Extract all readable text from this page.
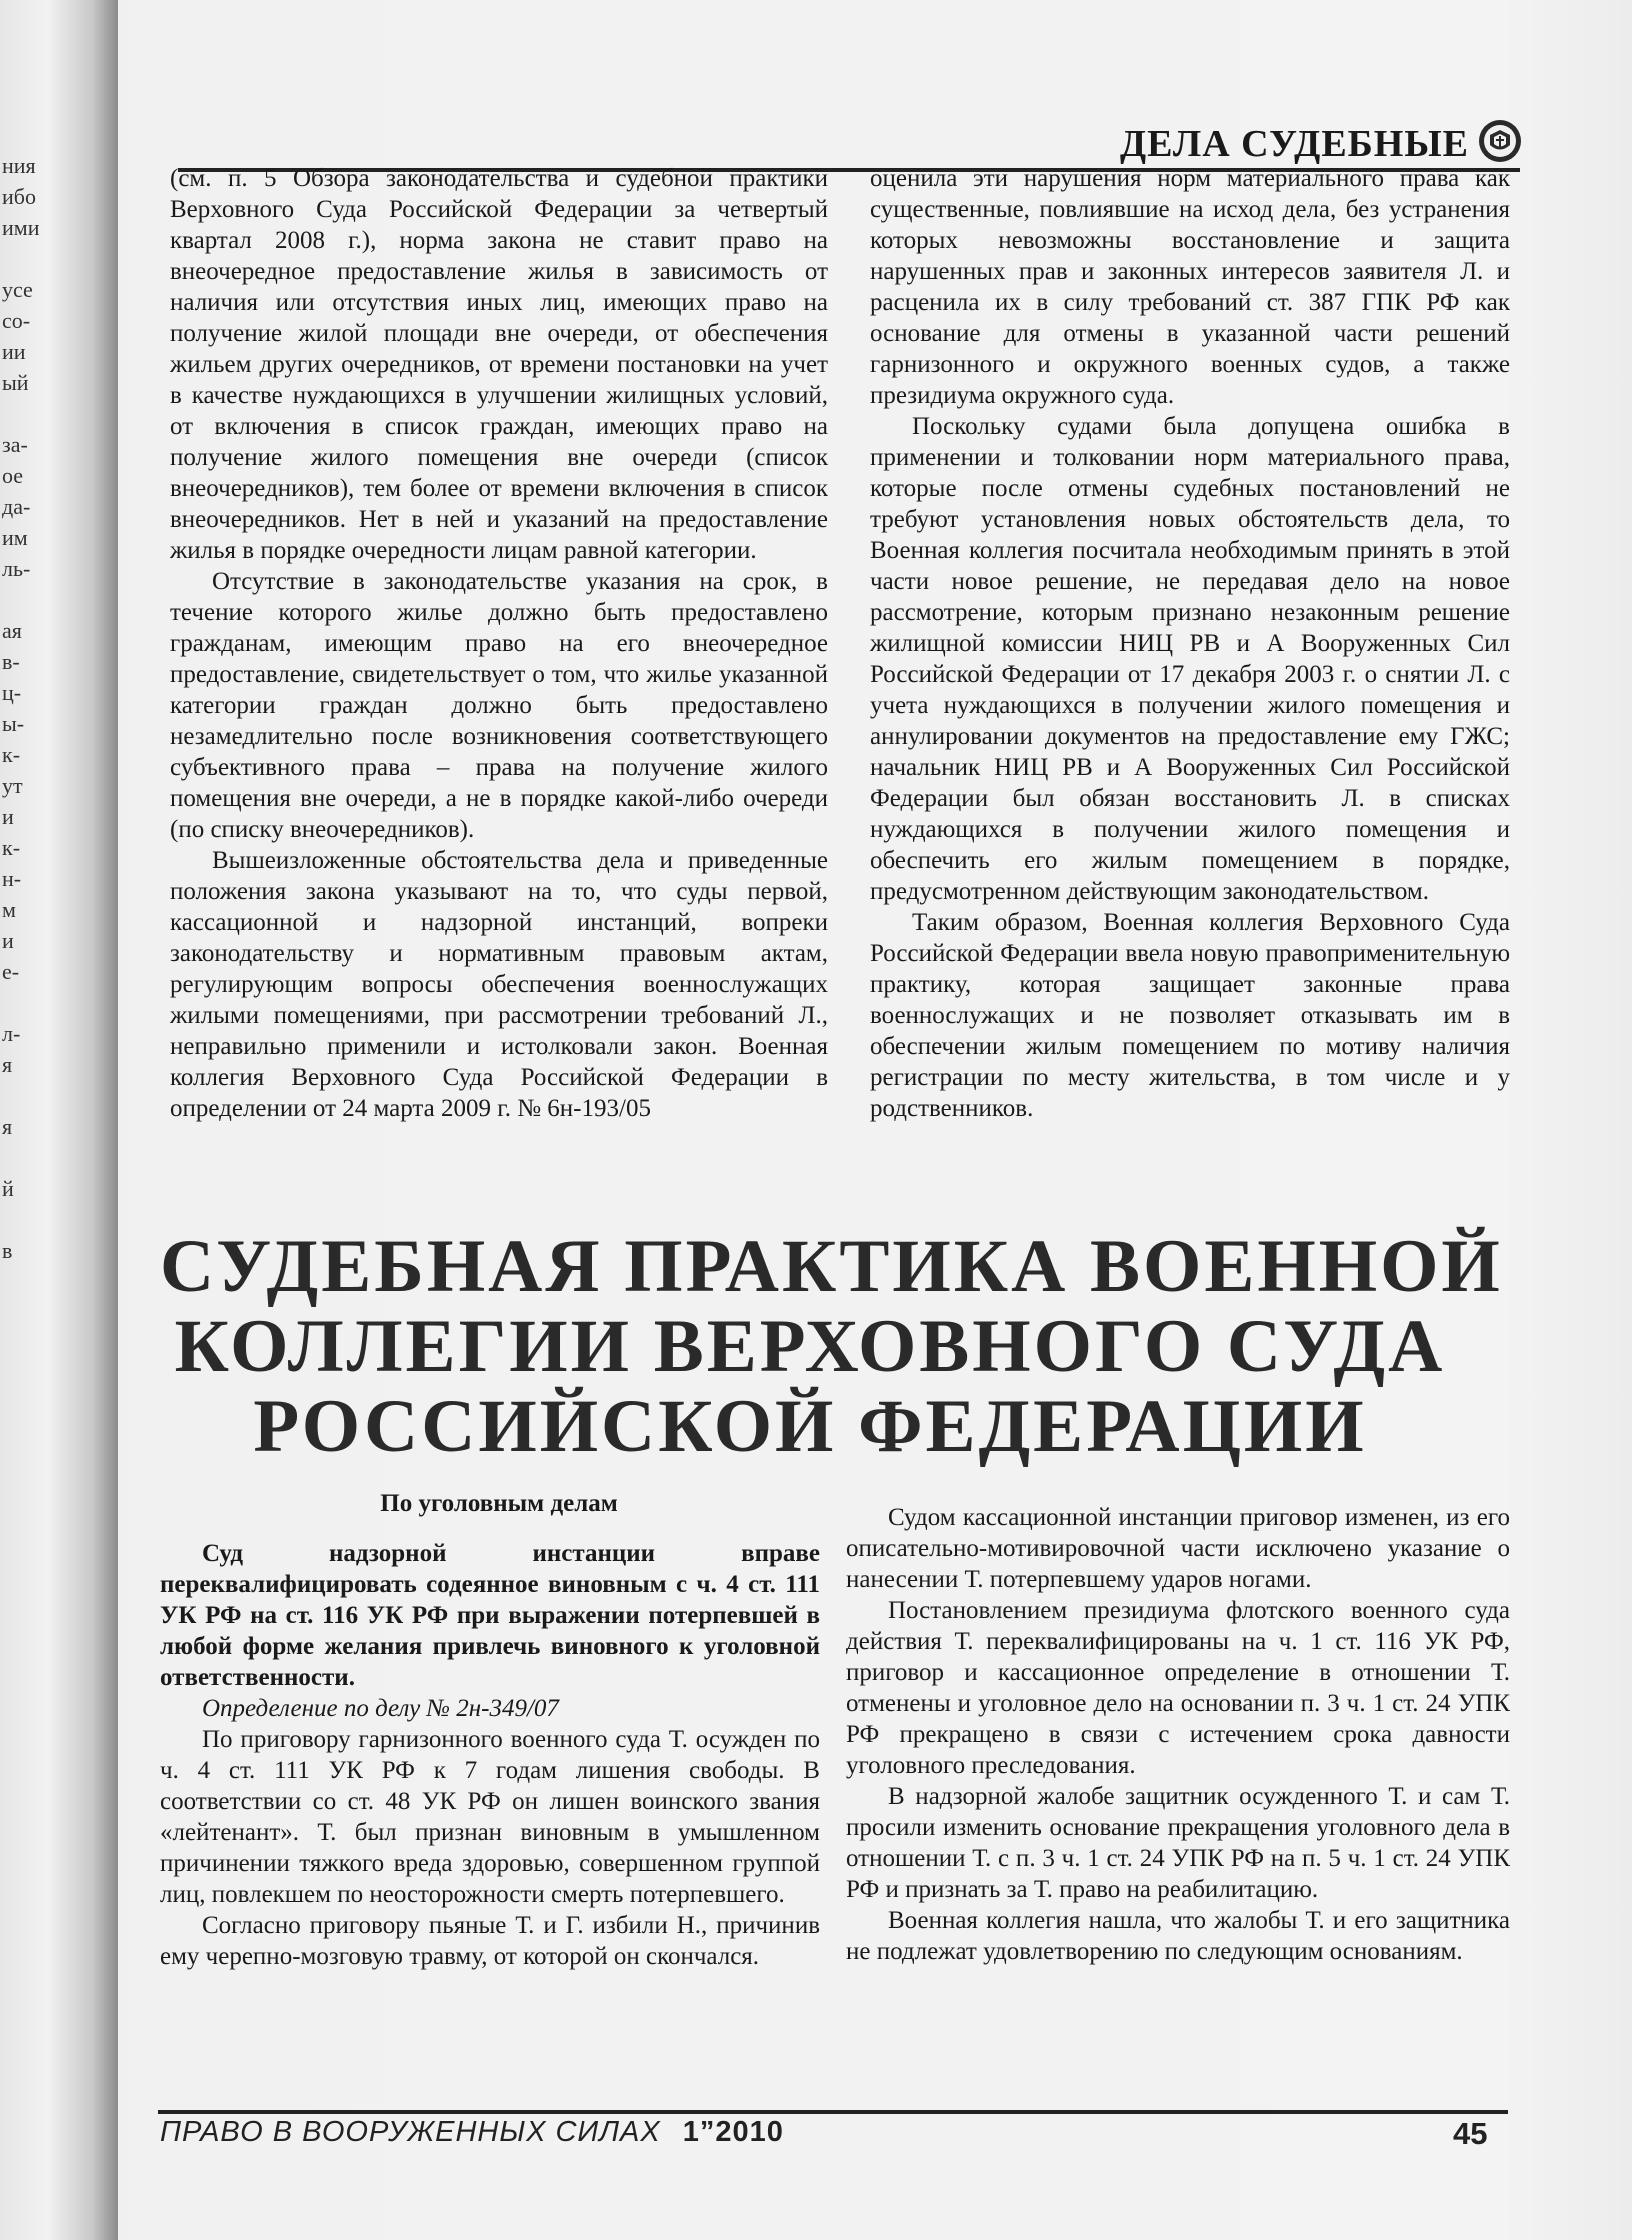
ния
ибо
ими
усе
со-
ии
ый
за-
ое
да-
им
ль-
ая
в-
ц-
ы-
к-
ут
и
к-
н-
м
и
е-
л-
я
я
й
в
ДЕЛА СУДЕБНЫЕ

(см. п. 5 Обзора законодательства и судебной практики Верховного Суда Российской Федерации за четвертый квартал 2008 г.), норма закона не ставит право на внеочередное предоставление жилья в зависимость от наличия или отсутствия иных лиц, имеющих право на получение жилой площади вне очереди, от обеспечения жильем других очередников, от времени постановки на учет в качестве нуждающихся в улучшении жилищных условий, от включения в список граждан, имеющих право на получение жилого помещения вне очереди (список внеочередников), тем более от времени включения в список внеочередников. Нет в ней и указаний на предоставление жилья в порядке очередности лицам равной категории.

Отсутствие в законодательстве указания на срок, в течение которого жилье должно быть предоставлено гражданам, имеющим право на его внеочередное предоставление, свидетельствует о том, что жилье указанной категории граждан должно быть предоставлено незамедлительно после возникновения соответствующего субъективного права – права на получение жилого помещения вне очереди, а не в порядке какой-либо очереди (по списку внеочередников).

Вышеизложенные обстоятельства дела и приведенные положения закона указывают на то, что суды первой, кассационной и надзорной инстанций, вопреки законодательству и нормативным правовым актам, регулирующим вопросы обеспечения военнослужащих жилыми помещениями, при рассмотрении требований Л., неправильно применили и истолковали закон. Военная коллегия Верховного Суда Российской Федерации в определении от 24 марта 2009 г. № 6н-193/05

оценила эти нарушения норм материального права как существенные, повлиявшие на исход дела, без устранения которых невозможны восстановление и защита нарушенных прав и законных интересов заявителя Л. и расценила их в силу требований ст. 387 ГПК РФ как основание для отмены в указанной части решений гарнизонного и окружного военных судов, а также президиума окружного суда.

Поскольку судами была допущена ошибка в применении и толковании норм материального права, которые после отмены судебных постановлений не требуют установления новых обстоятельств дела, то Военная коллегия посчитала необходимым принять в этой части новое решение, не передавая дело на новое рассмотрение, которым признано незаконным решение жилищной комиссии НИЦ РВ и А Вооруженных Сил Российской Федерации от 17 декабря 2003 г. о снятии Л. с учета нуждающихся в получении жилого помещения и аннулировании документов на предоставление ему ГЖС; начальник НИЦ РВ и А Вооруженных Сил Российской Федерации был обязан восстановить Л. в списках нуждающихся в получении жилого помещения и обеспечить его жилым помещением в порядке, предусмотренном действующим законодательством.

Таким образом, Военная коллегия Верховного Суда Российской Федерации ввела новую правоприменительную практику, которая защищает законные права военнослужащих и не позволяет отказывать им в обеспечении жилым помещением по мотиву наличия регистрации по месту жительства, в том числе и у родственников.

СУДЕБНАЯ ПРАКТИКА ВОЕННОЙ
КОЛЛЕГИИ ВЕРХОВНОГО СУДА
РОССИЙСКОЙ ФЕДЕРАЦИИ
По уголовным делам

Суд надзорной инстанции вправе переквалифицировать содеянное виновным с ч. 4 ст. 111 УК РФ на ст. 116 УК РФ при выражении потерпевшей в любой форме желания привлечь виновного к уголовной ответственности.

Определение по делу № 2н-349/07

По приговору гарнизонного военного суда Т. осужден по ч. 4 ст. 111 УК РФ к 7 годам лишения свободы. В соответствии со ст. 48 УК РФ он лишен воинского звания «лейтенант». Т. был признан виновным в умышленном причинении тяжкого вреда здоровью, совершенном группой лиц, повлекшем по неосторожности смерть потерпевшего.

Согласно приговору пьяные Т. и Г. избили Н., причинив ему черепно-мозговую травму, от которой он скончался.

Судом кассационной инстанции приговор изменен, из его описательно-мотивировочной части исключено указание о нанесении Т. потерпевшему ударов ногами.

Постановлением президиума флотского военного суда действия Т. переквалифицированы на ч. 1 ст. 116 УК РФ, приговор и кассационное определение в отношении Т. отменены и уголовное дело на основании п. 3 ч. 1 ст. 24 УПК РФ прекращено в связи с истечением срока давности уголовного преследования.

В надзорной жалобе защитник осужденного Т. и сам Т. просили изменить основание прекращения уголовного дела в отношении Т. с п. 3 ч. 1 ст. 24 УПК РФ на п. 5 ч. 1 ст. 24 УПК РФ и признать за Т. право на реабилитацию.

Военная коллегия нашла, что жалобы Т. и его защитника не подлежат удовлетворению по следующим основаниям.

ПРАВО В ВООРУЖЕННЫХ СИЛАХ 1”2010	45
